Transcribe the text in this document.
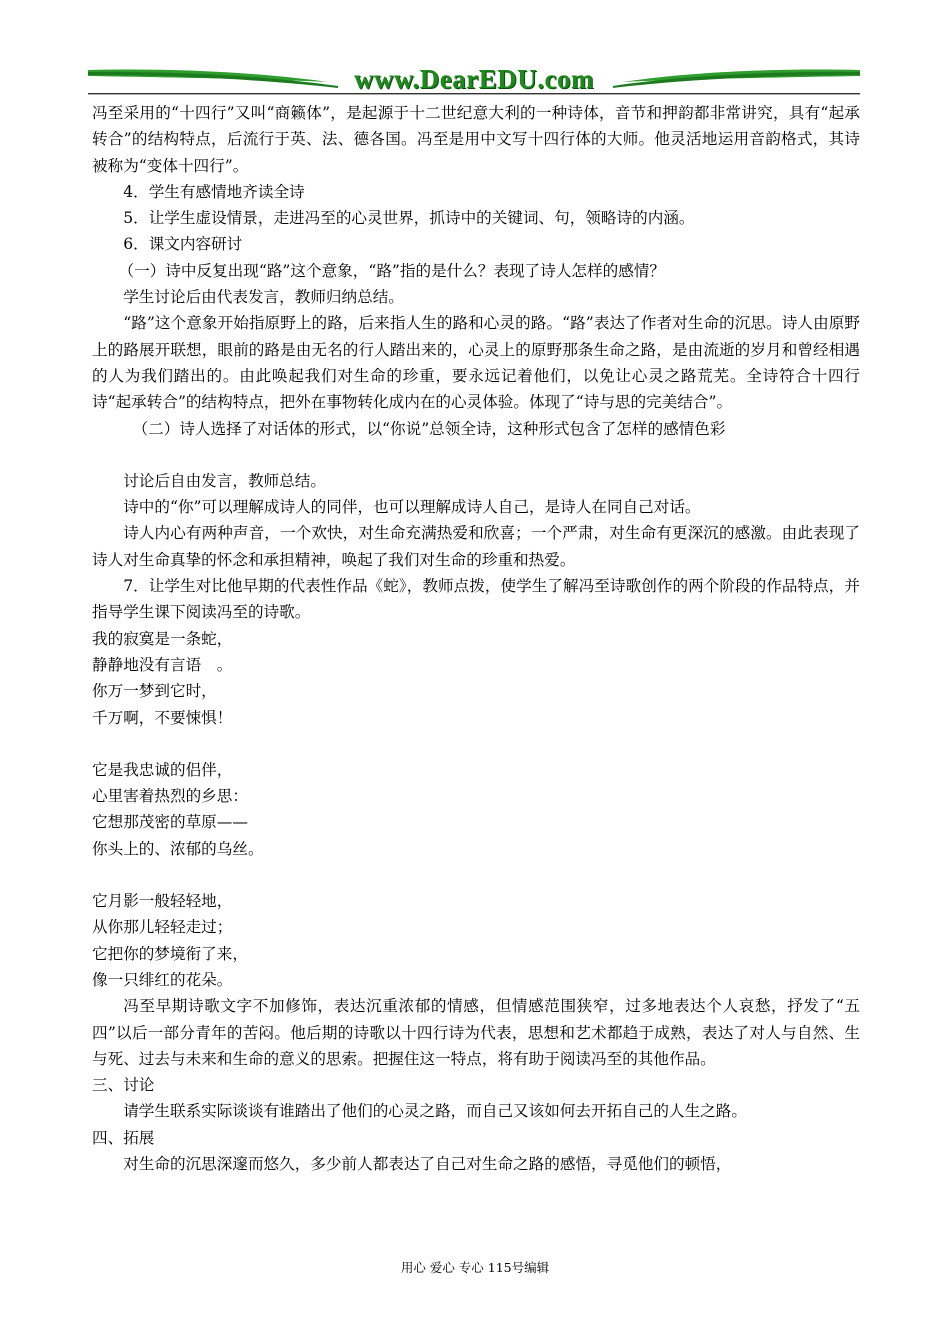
www.DearEDU.com

冯至采用的“十四行”又叫“商籁体”，是起源于十二世纪意大利的一种诗体，音节和押韵都非常讲究，具有“起承转合”的结构特点，后流行于英、法、德各国。冯至是用中文写十四行体的大师。他灵活地运用音韵格式，其诗被称为“变体十四行”。

4．学生有感情地齐读全诗

5．让学生虚设情景，走进冯至的心灵世界，抓诗中的关键词、句，领略诗的内涵。

6．课文内容研讨

（一）诗中反复出现“路”这个意象，“路”指的是什么？表现了诗人怎样的感情？

学生讨论后由代表发言，教师归纳总结。

“路”这个意象开始指原野上的路，后来指人生的路和心灵的路。“路”表达了作者对生命的沉思。诗人由原野上的路展开联想，眼前的路是由无名的行人踏出来的，心灵上的原野那条生命之路，是由流逝的岁月和曾经相遇的人为我们踏出的。由此唤起我们对生命的珍重，要永远记着他们，以免让心灵之路荒芜。全诗符合十四行诗“起承转合”的结构特点，把外在事物转化成内在的心灵体验。体现了“诗与思的完美结合”。

（二）诗人选择了对话体的形式，以“你说”总领全诗，这种形式包含了怎样的感情色彩

讨论后自由发言，教师总结。

诗中的“你”可以理解成诗人的同伴，也可以理解成诗人自己，是诗人在同自己对话。

诗人内心有两种声音，一个欢快，对生命充满热爱和欣喜；一个严肃，对生命有更深沉的感激。由此表现了诗人对生命真挚的怀念和承担精神，唤起了我们对生命的珍重和热爱。

7．让学生对比他早期的代表性作品《蛇》，教师点拨，使学生了解冯至诗歌创作的两个阶段的作品特点，并指导学生课下阅读冯至的诗歌。

我的寂寞是一条蛇，

静静地没有言语　。

你万一梦到它时，

千万啊，不要悚惧！

它是我忠诚的侣伴，

心里害着热烈的乡思：

它想那茂密的草原——

你头上的、浓郁的乌丝。

它月影一般轻轻地，

从你那儿轻轻走过；

它把你的梦境衔了来，

像一只绯红的花朵。

冯至早期诗歌文字不加修饰，表达沉重浓郁的情感，但情感范围狭窄，过多地表达个人哀愁，抒发了“五四”以后一部分青年的苦闷。他后期的诗歌以十四行诗为代表，思想和艺术都趋于成熟，表达了对人与自然、生与死、过去与未来和生命的意义的思索。把握住这一特点，将有助于阅读冯至的其他作品。

三、讨论

请学生联系实际谈谈有谁踏出了他们的心灵之路，而自己又该如何去开拓自己的人生之路。

四、拓展

对生命的沉思深邃而悠久，多少前人都表达了自己对生命之路的感悟，寻觅他们的顿悟，

用心 爱心 专心 115号编辑
